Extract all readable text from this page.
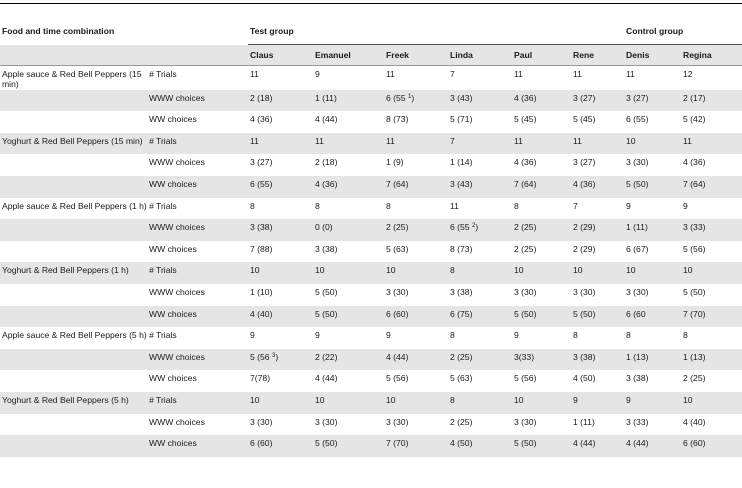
Food and time combination		Test group						Control group	
		Claus	Emanuel	Freek	Linda	Paul	Rene	Denis	Regina
Apple sauce & Red Bell Peppers (15 min)	# Trials	11	9	11	7	11	11	11	12
	WWW choices	2 (18)	1 (11)	6 (55 $^1$)	3 (43)	4 (36)	3 (27)	3 (27)	2 (17)
	WW choices	4 (36)	4 (44)	8 (73)	5 (71)	5 (45)	5 (45)	6 (55)	5 (42)
Yoghurt & Red Bell Peppers (15 min)	# Trials	11	11	11	7	11	11	10	11
	WWW choices	3 (27)	2 (18)	1 (9)	1 (14)	4 (36)	3 (27)	3 (30)	4 (36)
	WW choices	6 (55)	4 (36)	7 (64)	3 (43)	7 (64)	4 (36)	5 (50)	7 (64)
Apple sauce & Red Bell Peppers (1 h)	# Trials	8	8	8	11	8	7	9	9
	WWW choices	3 (38)	0 (0)	2 (25)	6 (55 $^2$)	2 (25)	2 (29)	1 (11)	3 (33)
	WW choices	7 (88)	3 (38)	5 (63)	8 (73)	2 (25)	2 (29)	6 (67)	5 (56)
Yoghurt & Red Bell Peppers (1 h)	# Trials	10	10	10	8	10	10	10	10
	WWW choices	1 (10)	5 (50)	3 (30)	3 (38)	3 (30)	3 (30)	3 (30)	5 (50)
	WW choices	4 (40)	5 (50)	6 (60)	6 (75)	5 (50)	5 (50)	6 (60	7 (70)
Apple sauce & Red Bell Peppers (5 h)	# Trials	9	9	9	8	9	8	8	8
	WWW choices	5 (56 $^3$)	2 (22)	4 (44)	2 (25)	3(33)	3 (38)	1 (13)	1 (13)
	WW choices	7(78)	4 (44)	5 (56)	5 (63)	5 (56)	4 (50)	3 (38)	2 (25)
Yoghurt & Red Bell Peppers (5 h)	# Trials	10	10	10	8	10	9	9	10
	WWW choices	3 (30)	3 (30)	3 (30)	2 (25)	3 (30)	1 (11)	3 (33)	4 (40)
	WW choices	6 (60)	5 (50)	7 (70)	4 (50)	5 (50)	4 (44)	4 (44)	6 (60)
